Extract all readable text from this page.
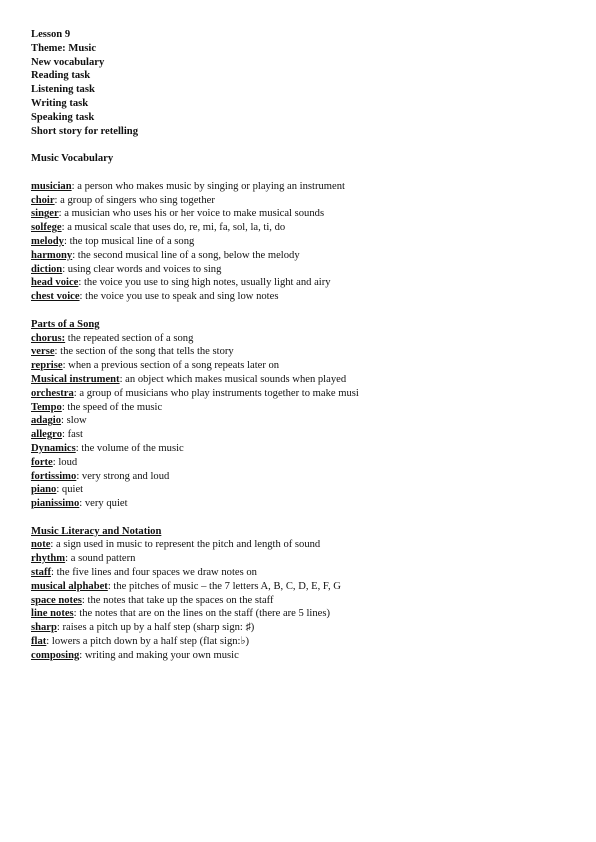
Lesson 9
Theme: Music
New vocabulary
Reading task
Listening task
Writing task
Speaking task
Short story for retelling
Music Vocabulary
musician: a person who makes music by singing or playing an instrument
choir: a group of singers who sing together
singer: a musician who uses his or her voice to make musical sounds
solfege: a musical scale that uses do, re, mi, fa, sol, la, ti, do
melody: the top musical line of a song
harmony: the second musical line of a song, below the melody
diction: using clear words and voices to sing
head voice: the voice you use to sing high notes, usually light and airy
chest voice: the voice you use to speak and sing low notes
Parts of a Song
chorus: the repeated section of a song
verse: the section of the song that tells the story
reprise: when a previous section of a song repeats later on
Musical instrument: an object which makes musical sounds when played
orchestra: a group of musicians who play instruments together to make musi
Tempo: the speed of the music
adagio: slow
allegro: fast
Dynamics: the volume of the music
forte: loud
fortissimo: very strong and loud
piano: quiet
pianissimo: very quiet
Music Literacy and Notation
note: a sign used in music to represent the pitch and length of sound
rhythm: a sound pattern
staff: the five lines and four spaces we draw notes on
musical alphabet: the pitches of music – the 7 letters A, B, C, D, E, F, G
space notes: the notes that take up the spaces on the staff
line notes: the notes that are on the lines on the staff (there are 5 lines)
sharp: raises a pitch up by a half step (sharp sign: ♯)
flat: lowers a pitch down by a half step (flat sign:♭)
composing: writing and making your own music
